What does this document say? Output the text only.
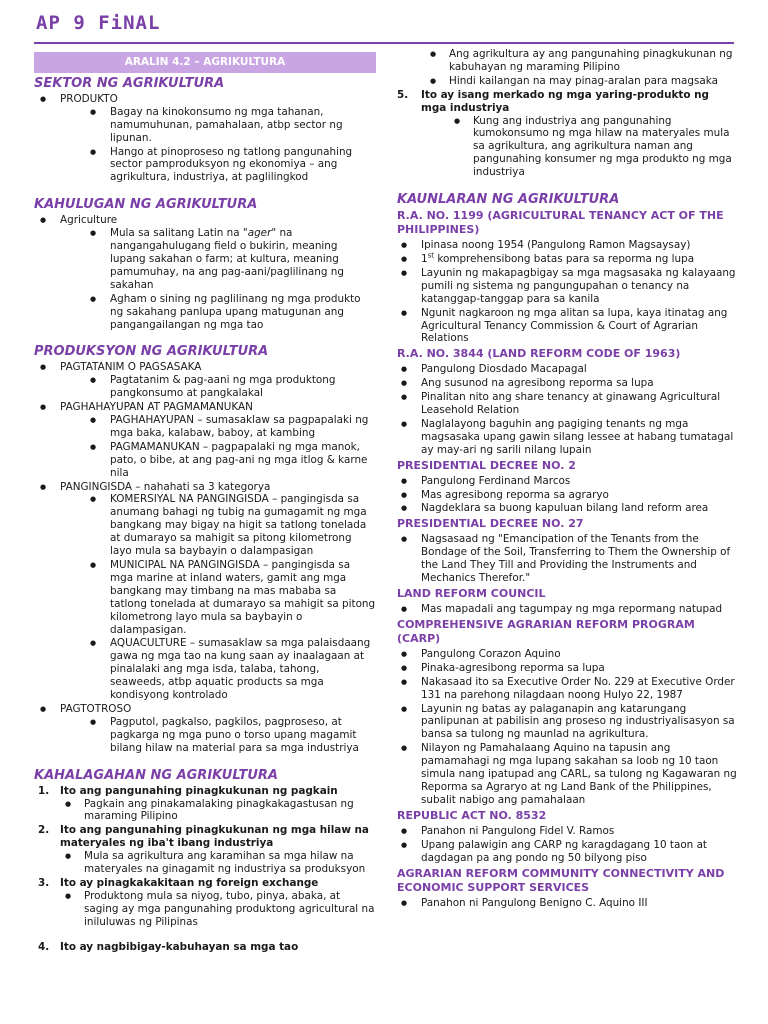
AP 9 FiNAL
ARALIN 4.2 – AGRIKULTURA
SEKTOR NG AGRIKULTURA
● PRODUKTO
● Bagay na kinokonsumo ng mga tahanan, namumuhunan, pamahalaan, atbp sector ng lipunan.
● Hango at pinoproseso ng tatlong pangunahing sector pamproduksyon ng ekonomiya – ang agrikultura, industriya, at paglilingkod
KAHULUGAN NG AGRIKULTURA
● Agriculture
● Mula sa salitang Latin na "ager" na nangangahulugang field o bukirin, meaning lupang sakahan o farm; at kultura, meaning pamumuhay, na ang pag-aani/paglilinang ng sakahan
● Agham o sining ng paglilinang ng mga produkto ng sakahang panlupa upang matugunan ang pangangailangan ng mga tao
PRODUKSYON NG AGRIKULTURA
● PAGTATANIM O PAGSASAKA
● Pagtatanim & pag-aani ng mga produktong pangkonsumo at pangkalakal
● PAGHAHAYUPAN AT PAGMAMANUKAN
● PAGHAHAYUPAN – sumasaklaw sa pagpapalaki ng mga baka, kalabaw, baboy, at kambing
● PAGMAMANUKAN – pagpapalaki ng mga manok, pato, o bibe, at ang pag-ani ng mga itlog & karne nila
● PANGINGISDA – nahahati sa 3 kategorya
● KOMERSIYAL NA PANGINGISDA – pangingisda sa anumang bahagi ng tubig na gumagamit ng mga bangkang may bigay na higit sa tatlong tonelada at dumarayo sa mahigit sa pitong kilometrong layo mula sa baybayin o dalampasigan
● MUNICIPAL NA PANGINGISDA – pangingisda sa mga marine at inland waters, gamit ang mga bangkang may timbang na mas mababa sa tatlong tonelada at dumarayo sa mahigit sa pitong kilometrong layo mula sa baybayin o dalampasigan.
● AQUACULTURE – sumasaklaw sa mga palaisdaang gawa ng mga tao na kung saan ay inaalagaan at pinalalaki ang mga isda, talaba, tahong, seaweeds, atbp aquatic products sa mga kondisyong kontrolado
● PAGTOTROSO
● Pagputol, pagkalso, pagkilos, pagproseso, at pagkarga ng mga puno o torso upang magamit bilang hilaw na material para sa mga industriya
KAHALAGAHAN NG AGRIKULTURA
1. Ito ang pangunahing pinagkukunan ng pagkain
● Pagkain ang pinakamalaking pinagkakagastusan ng maraming Pilipino
2. Ito ang pangunahing pinagkukunan ng mga hilaw na materyales ng iba't ibang industriya
● Mula sa agrikultura ang karamihan sa mga hilaw na materyales na ginagamit ng industriya sa produksyon
3. Ito ay pinagkakakitaan ng foreign exchange
● Produktong mula sa niyog, tubo, pinya, abaka, at saging ay mga pangunahing produktong agricultural na iniluluwas ng Pilipinas
4. Ito ay nagbibigay-kabuhayan sa mga tao
● Ang agrikultura ay ang pangunahing pinagkukunan ng kabuhayan ng maraming Pilipino
● Hindi kailangan na may pinag-aralan para magsaka
5. Ito ay isang merkado ng mga yaring-produkto ng mga industriya
● Kung ang industriya ang pangunahing kumokonsumo ng mga hilaw na materyales mula sa agrikultura, ang agrikultura naman ang pangunahing konsumer ng mga produkto ng mga industriya
KAUNLARAN NG AGRIKULTURA
R.A. NO. 1199 (AGRICULTURAL TENANCY ACT OF THE PHILIPPINES)
● Ipinasa noong 1954 (Pangulong Ramon Magsaysay)
● 1st komprehensibong batas para sa reporma ng lupa
● Layunin ng makapagbigay sa mga magsasaka ng kalayaang pumili ng sistema ng pangungupahan o tenancy na katanggap-tanggap para sa kanila
● Ngunit nagkaroon ng mga alitan sa lupa, kaya itinatag ang Agricultural Tenancy Commission & Court of Agrarian Relations
R.A. NO. 3844 (LAND REFORM CODE OF 1963)
● Pangulong Diosdado Macapagal
● Ang susunod na agresibong reporma sa lupa
● Pinalitan nito ang share tenancy at ginawang Agricultural Leasehold Relation
● Naglalayong baguhin ang pagiging tenants ng mga magsasaka upang gawin silang lessee at habang tumatagal ay may-ari ng sarili nilang lupain
PRESIDENTIAL DECREE NO. 2
● Pangulong Ferdinand Marcos
● Mas agresibong reporma sa agraryo
● Nagdeklara sa buong kapuluan bilang land reform area
PRESIDENTIAL DECREE NO. 27
● Nagsasaad ng "Emancipation of the Tenants from the Bondage of the Soil, Transferring to Them the Ownership of the Land They Till and Providing the Instruments and Mechanics Therefor."
LAND REFORM COUNCIL
● Mas mapadali ang tagumpay ng mga repormang natupad
COMPREHENSIVE AGRARIAN REFORM PROGRAM (CARP)
● Pangulong Corazon Aquino
● Pinaka-agresibong reporma sa lupa
● Nakasaad ito sa Executive Order No. 229 at Executive Order 131 na parehong nilagdaan noong Hulyo 22, 1987
● Layunin ng batas ay palaganapin ang katarungang panlipunan at pabilisin ang proseso ng industriyalisasyon sa bansa sa tulong ng maunlad na agrikultura.
● Nilayon ng Pamahalaang Aquino na tapusin ang pamamahagi ng mga lupang sakahan sa loob ng 10 taon simula nang ipatupad ang CARL, sa tulong ng Kagawaran ng Reporma sa Agraryo at ng Land Bank of the Philippines, subalit nabigo ang pamahalaan
REPUBLIC ACT NO. 8532
● Panahon ni Pangulong Fidel V. Ramos
● Upang palawigin ang CARP ng karagdagang 10 taon at dagdagan pa ang pondo ng 50 bilyong piso
AGRARIAN REFORM COMMUNITY CONNECTIVITY AND ECONOMIC SUPPORT SERVICES
● Panahon ni Pangulong Benigno C. Aquino III
